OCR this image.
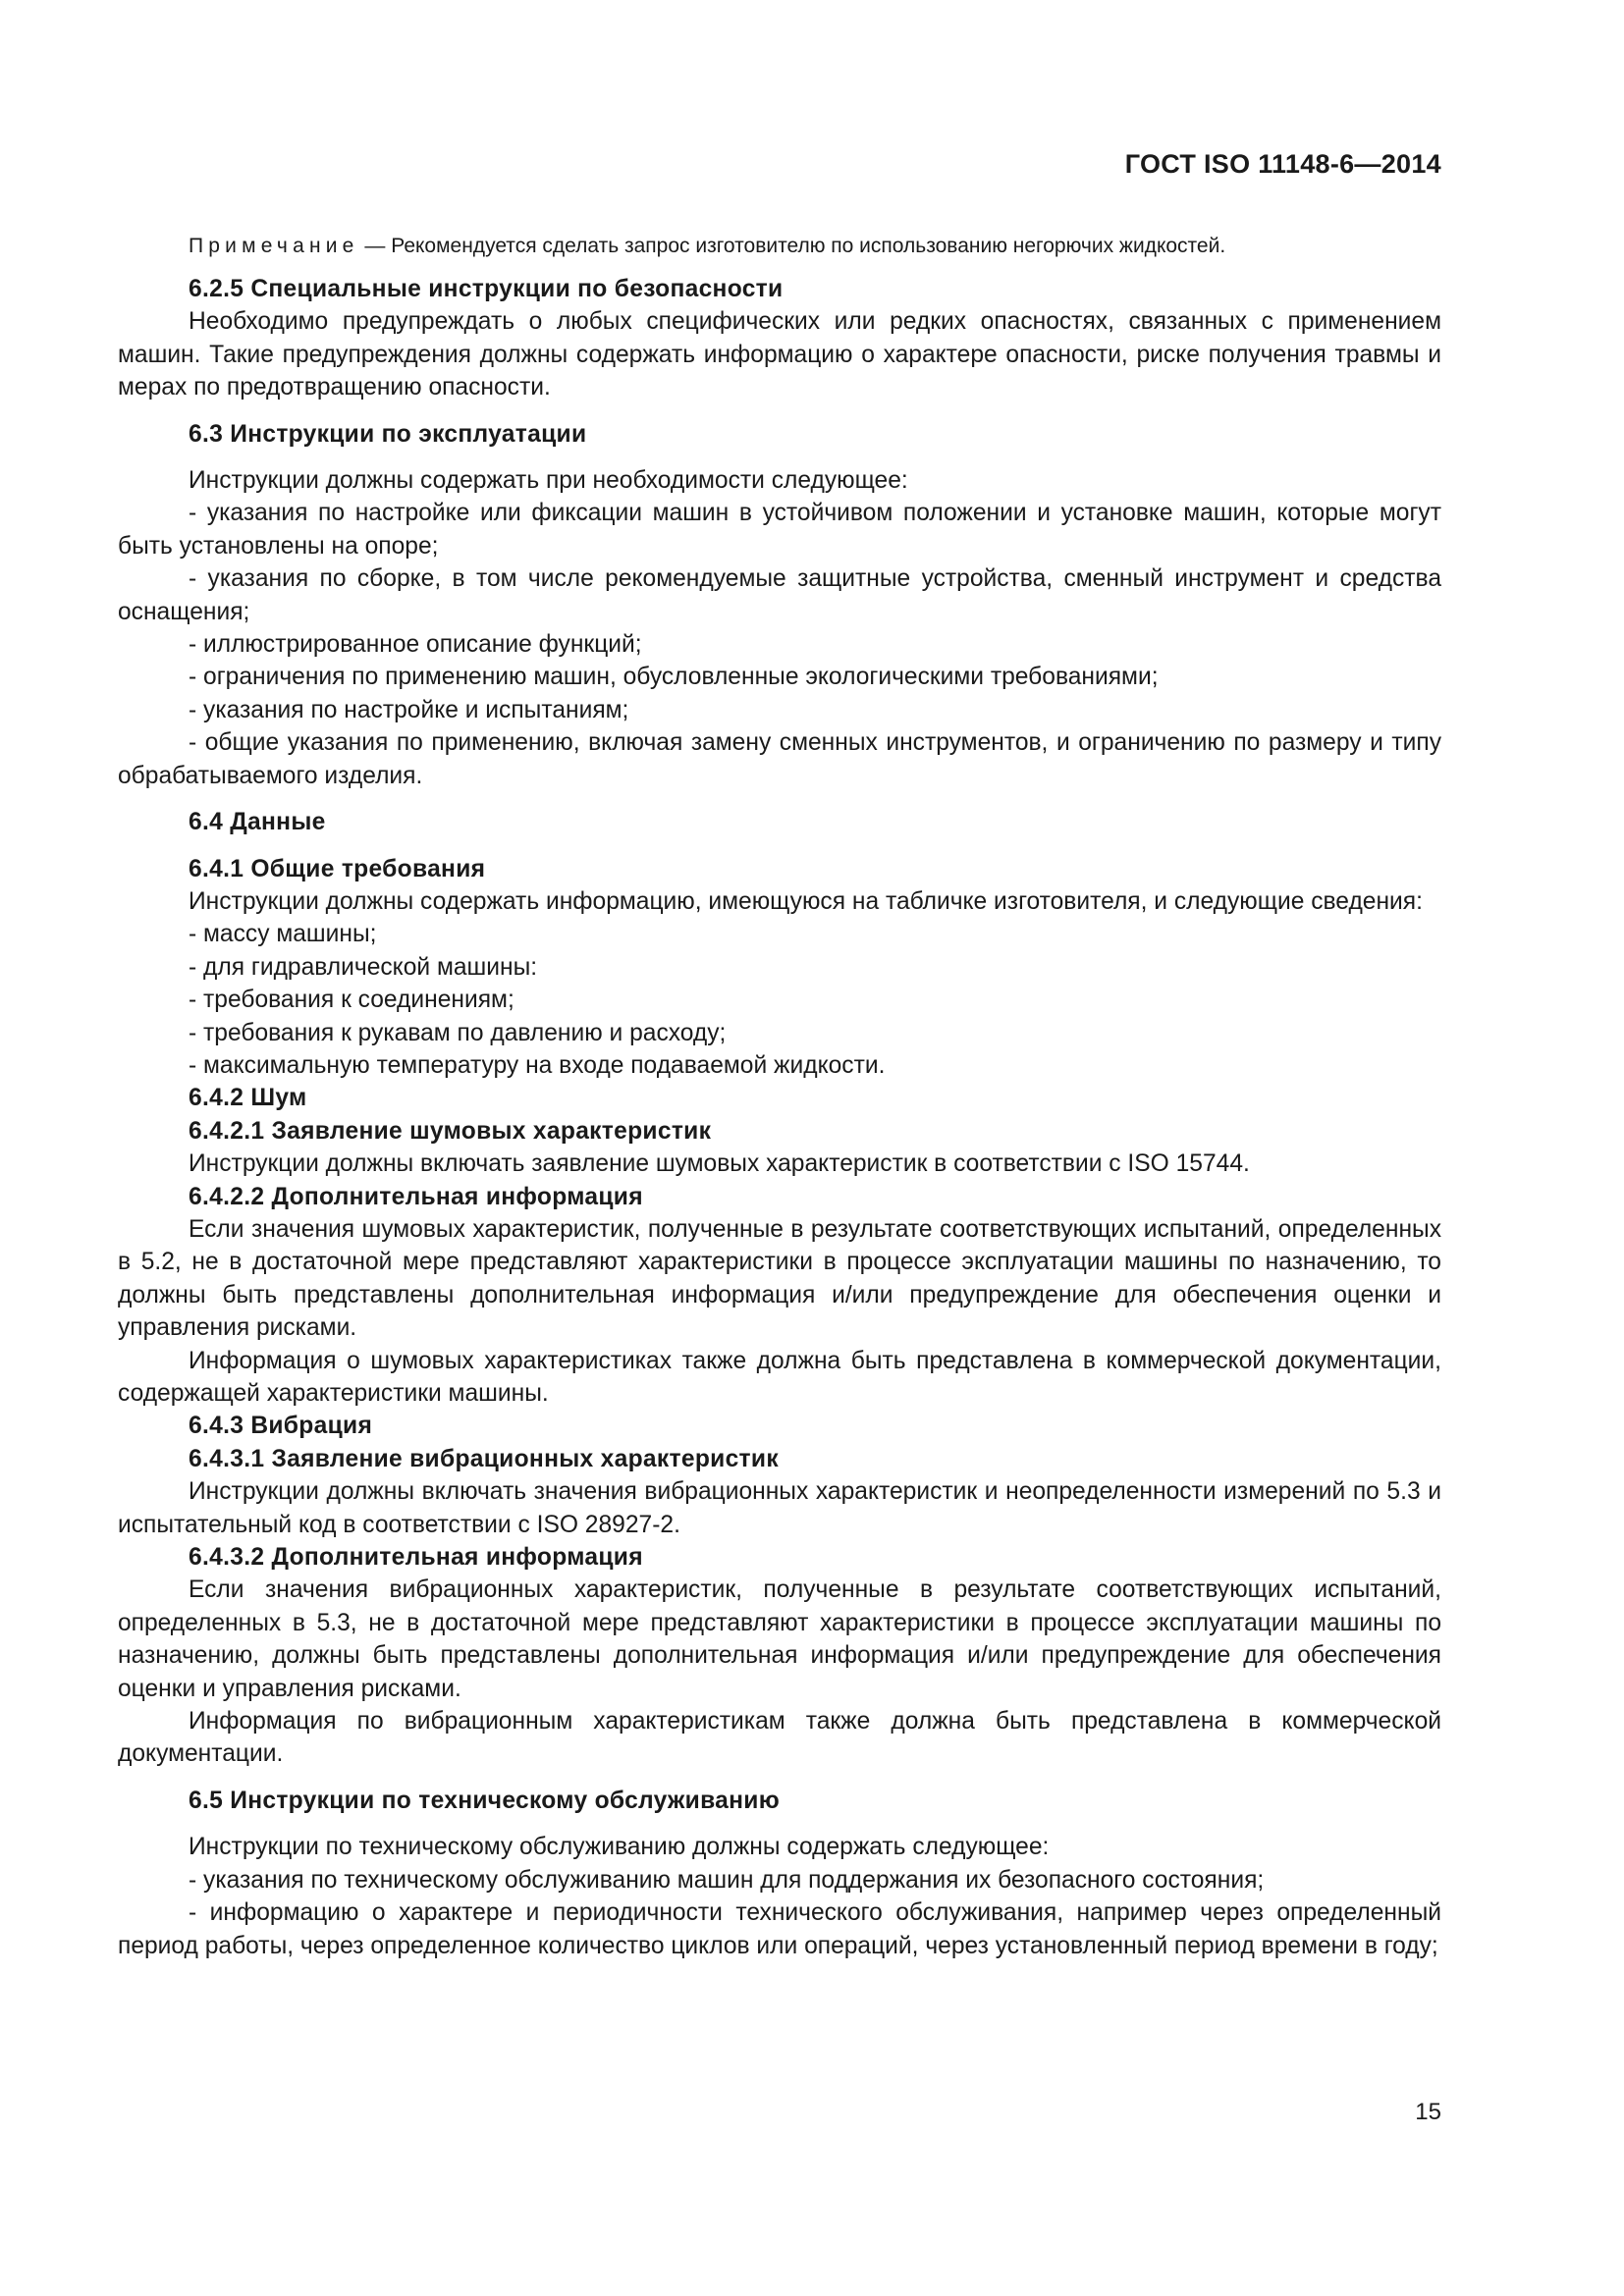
ГОСТ ISO 11148-6—2014

Примечание — Рекомендуется сделать запрос изготовителю по использованию негорючих жидкостей.

6.2.5 Специальные инструкции по безопасности

Необходимо предупреждать о любых специфических или редких опасностях, связанных с применением машин. Такие предупреждения должны содержать информацию о характере опасности, риске получения травмы и мерах по предотвращению опасности.

6.3 Инструкции по эксплуатации

Инструкции должны содержать при необходимости следующее:

- указания по настройке или фиксации машин в устойчивом положении и установке машин, которые могут быть установлены на опоре;

- указания по сборке, в том числе рекомендуемые защитные устройства, сменный инструмент и средства оснащения;

- иллюстрированное описание функций;

- ограничения по применению машин, обусловленные экологическими требованиями;

- указания по настройке и испытаниям;

- общие указания по применению, включая замену сменных инструментов, и ограничению по размеру и типу обрабатываемого изделия.

6.4 Данные

6.4.1 Общие требования

Инструкции должны содержать информацию, имеющуюся на табличке изготовителя, и следующие сведения:

- массу машины;

- для гидравлической машины:

- требования к соединениям;

- требования к рукавам по давлению и расходу;

- максимальную температуру на входе подаваемой жидкости.

6.4.2 Шум

6.4.2.1 Заявление шумовых характеристик

Инструкции должны включать заявление шумовых характеристик в соответствии с ISO 15744.

6.4.2.2 Дополнительная информация

Если значения шумовых характеристик, полученные в результате соответствующих испытаний, определенных в 5.2, не в достаточной мере представляют характеристики в процессе эксплуатации машины по назначению, то должны быть представлены дополнительная информация и/или предупреждение для обеспечения оценки и управления рисками.

Информация о шумовых характеристиках также должна быть представлена в коммерческой документации, содержащей характеристики машины.

6.4.3 Вибрация

6.4.3.1 Заявление вибрационных характеристик

Инструкции должны включать значения вибрационных характеристик и неопределенности измерений по 5.3 и испытательный код в соответствии с ISO 28927-2.

6.4.3.2 Дополнительная информация

Если значения вибрационных характеристик, полученные в результате соответствующих испытаний, определенных в 5.3, не в достаточной мере представляют характеристики в процессе эксплуатации машины по назначению, должны быть представлены дополнительная информация и/или предупреждение для обеспечения оценки и управления рисками.

Информация по вибрационным характеристикам также должна быть представлена в коммерческой документации.

6.5 Инструкции по техническому обслуживанию

Инструкции по техническому обслуживанию должны содержать следующее:

- указания по техническому обслуживанию машин для поддержания их безопасного состояния;

- информацию о характере и периодичности технического обслуживания, например через определенный период работы, через определенное количество циклов или операций, через установленный период времени в году;

15
